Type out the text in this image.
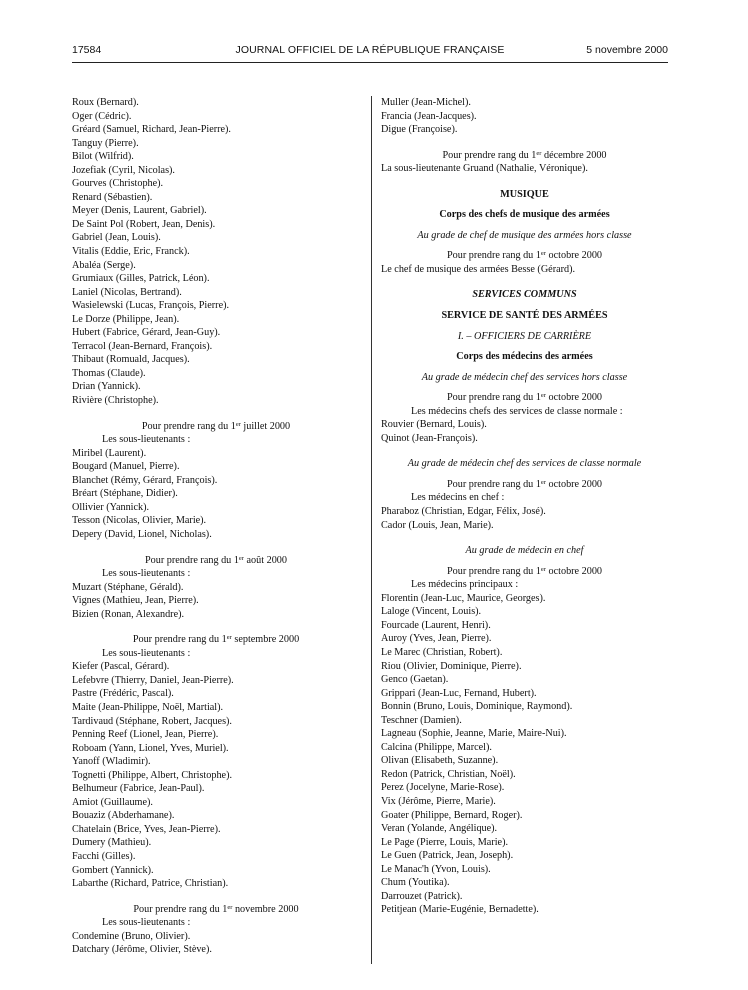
17584	JOURNAL OFFICIEL DE LA RÉPUBLIQUE FRANÇAISE	5 novembre 2000
Roux (Bernard).
Oger (Cédric).
Gréard (Samuel, Richard, Jean-Pierre).
Tanguy (Pierre).
Bilot (Wilfrid).
Jozefiak (Cyril, Nicolas).
Gourves (Christophe).
Renard (Sébastien).
Meyer (Denis, Laurent, Gabriel).
De Saint Pol (Robert, Jean, Denis).
Gabriel (Jean, Louis).
Vitalis (Eddie, Eric, Franck).
Abaléa (Serge).
Grumiaux (Gilles, Patrick, Léon).
Laniel (Nicolas, Bertrand).
Wasielewski (Lucas, François, Pierre).
Le Dorze (Philippe, Jean).
Hubert (Fabrice, Gérard, Jean-Guy).
Terracol (Jean-Bernard, François).
Thibaut (Romuald, Jacques).
Thomas (Claude).
Drian (Yannick).
Rivière (Christophe).
Pour prendre rang du 1er juillet 2000
Les sous-lieutenants :
Miribel (Laurent).
Bougard (Manuel, Pierre).
Blanchet (Rémy, Gérard, François).
Bréart (Stéphane, Didier).
Ollivier (Yannick).
Tesson (Nicolas, Olivier, Marie).
Depery (David, Lionel, Nicholas).
Pour prendre rang du 1er août 2000
Les sous-lieutenants :
Muzart (Stéphane, Gérald).
Vignes (Mathieu, Jean, Pierre).
Bizien (Ronan, Alexandre).
Pour prendre rang du 1er septembre 2000
Les sous-lieutenants :
Kiefer (Pascal, Gérard).
Lefebvre (Thierry, Daniel, Jean-Pierre).
Pastre (Frédéric, Pascal).
Maite (Jean-Philippe, Noël, Martial).
Tardivaud (Stéphane, Robert, Jacques).
Penning Reef (Lionel, Jean, Pierre).
Roboam (Yann, Lionel, Yves, Muriel).
Yanoff (Wladimir).
Tognetti (Philippe, Albert, Christophe).
Belhumeur (Fabrice, Jean-Paul).
Amiot (Guillaume).
Bouaziz (Abderhamane).
Chatelain (Brice, Yves, Jean-Pierre).
Dumery (Mathieu).
Facchi (Gilles).
Gombert (Yannick).
Labarthe (Richard, Patrice, Christian).
Pour prendre rang du 1er novembre 2000
Les sous-lieutenants :
Condemine (Bruno, Olivier).
Datchary (Jérôme, Olivier, Stève).
Muller (Jean-Michel).
Francia (Jean-Jacques).
Digue (Françoise).
Pour prendre rang du 1er décembre 2000
La sous-lieutenante Gruand (Nathalie, Véronique).
MUSIQUE
Corps des chefs de musique des armées
Au grade de chef de musique des armées hors classe
Pour prendre rang du 1er octobre 2000
Le chef de musique des armées Besse (Gérard).
SERVICES COMMUNS
SERVICE DE SANTÉ DES ARMÉES
I. – OFFICIERS DE CARRIÈRE
Corps des médecins des armées
Au grade de médecin chef des services hors classe
Pour prendre rang du 1er octobre 2000
Les médecins chefs des services de classe normale :
Rouvier (Bernard, Louis).
Quinot (Jean-François).
Au grade de médecin chef des services de classe normale
Pour prendre rang du 1er octobre 2000
Les médecins en chef :
Pharaboz (Christian, Edgar, Félix, José).
Cador (Louis, Jean, Marie).
Au grade de médecin en chef
Pour prendre rang du 1er octobre 2000
Les médecins principaux :
Florentin (Jean-Luc, Maurice, Georges).
Laloge (Vincent, Louis).
Fourcade (Laurent, Henri).
Auroy (Yves, Jean, Pierre).
Le Marec (Christian, Robert).
Riou (Olivier, Dominique, Pierre).
Genco (Gaetan).
Grippari (Jean-Luc, Fernand, Hubert).
Bonnin (Bruno, Louis, Dominique, Raymond).
Teschner (Damien).
Lagneau (Sophie, Jeanne, Marie, Maire-Nui).
Calcina (Philippe, Marcel).
Olivan (Elisabeth, Suzanne).
Redon (Patrick, Christian, Noël).
Perez (Jocelyne, Marie-Rose).
Vix (Jérôme, Pierre, Marie).
Goater (Philippe, Bernard, Roger).
Veran (Yolande, Angélique).
Le Page (Pierre, Louis, Marie).
Le Guen (Patrick, Jean, Joseph).
Le Manac'h (Yvon, Louis).
Chum (Youtika).
Darrouzet (Patrick).
Petitjean (Marie-Eugénie, Bernadette).
